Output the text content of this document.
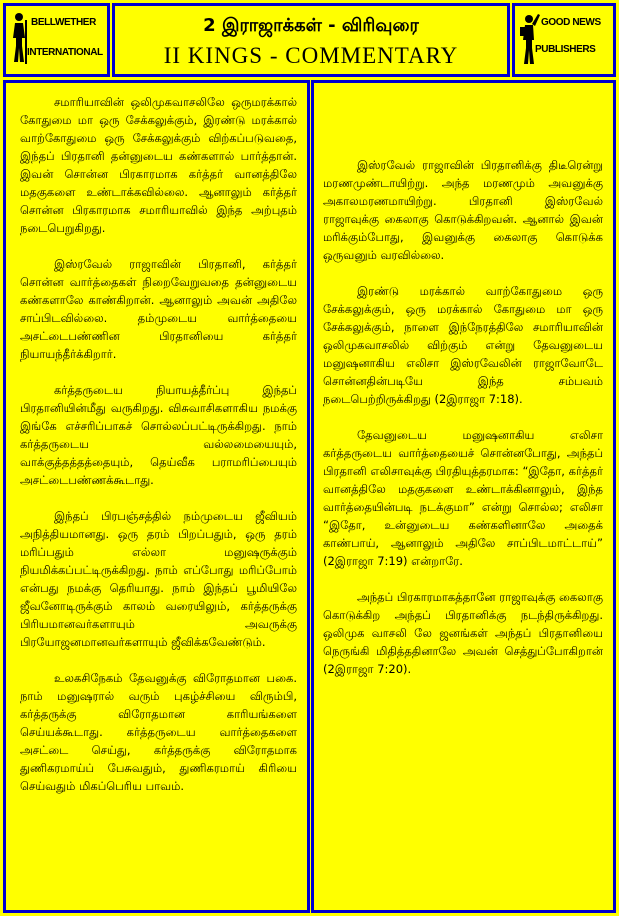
BELLWETHER
INTERNATIONAL
2 இராஜாக்கள் - விரிவுரை
II KINGS - COMMENTARY
GOOD NEWS
PUBLISHERS

சமாரியாவின் ஒலிமுகவாசலிலே ஒருமரக்கால் கோதுமை மா ஒரு சேக்கலுக்கும், இரண்டு மரக்கால் வாற்கோதுமை ஒரு சேக்கலுக்கும் விற்கப்படுவதை, இந்தப் பிரதானி தன்னுடைய கண்களால் பார்த்தான். இவன் சொன்ன பிரகாரமாக கர்த்தர் வானத்திலே மதகுகளை உண்டாக்கவில்லை. ஆனாலும் கர்த்தர் சொன்ன பிரகாரமாக சமாரியாவில் இந்த அற்புதம் நடைபெறுகிறது.

இஸ்ரவேல் ராஜாவின் பிரதானி, கர்த்தர் சொன்ன வார்த்தைகள் நிறைவேறுவதை தன்னுடைய கண்களாலே காண்கிறான். ஆனாலும் அவன் அதிலே சாப்பிடவில்லை. தம்முடைய வார்த்தையை அசட்டைபண்ணின பிரதானியை கர்த்தர் நியாயந்தீர்க்கிறார்.

கர்த்தருடைய நியாயத்தீர்ப்பு இந்தப் பிரதானியின்மீது வருகிறது. விசுவாசிகளாகிய நமக்கு இங்கே எச்சரிப்பாகச் சொல்லப்பட்டிருக்கிறது. நாம் கர்த்தருடைய வல்லமையையும், வாக்குத்தத்தத்தையும், தெய்வீக பராமரிப்பையும் அசட்டைபண்ணக்கூடாது.

இந்தப் பிரபஞ்சத்தில் நம்முடைய ஜீவியம் அநித்தியமானது. ஒரு தரம் பிறப்பதும், ஒரு தரம் மரிப்பதும் எல்லா மனுஷருக்கும் நியமிக்கப்பட்டிருக்கிறது. நாம் எப்போது மரிப்போம் என்பது நமக்கு தெரியாது. நாம் இந்தப் பூமியிலே ஜீவனோடிருக்கும் காலம் வரையிலும், கர்த்தருக்கு பிரியமானவர்களாயும் அவருக்கு பிரயோஜனமானவர்களாயும் ஜீவிக்கவேண்டும்.

உலகசிநேகம் தேவனுக்கு விரோதமான பகை. நாம் மனுஷரால் வரும் புகழ்ச்சியை விரும்பி, கர்த்தருக்கு விரோதமான காரியங்களை செய்யக்கூடாது. கர்த்தருடைய வார்த்தைகளை அசட்டை செய்து, கர்த்தருக்கு விரோதமாக துணிகரமாய்ப் பேசுவதும், துணிகரமாய் கிரியை செய்வதும் மிகப்பெரிய பாவம்.

இஸ்ரவேல் ராஜாவின் பிரதானிக்கு திடீரென்று மரணமுண்டாயிற்று. அந்த மரணமும் அவனுக்கு அகாலமரணமாயிற்று. பிரதானி இஸ்ரவேல் ராஜாவுக்கு கைலாகு கொடுக்கிறவன். ஆனால் இவன் மரிக்கும்போது, இவனுக்கு கைலாகு கொடுக்க ஒருவனும் வரவில்லை.

இரண்டு மரக்கால் வாற்கோதுமை ஒரு சேக்கலுக்கும், ஒரு மரக்கால் கோதுமை மா ஒரு சேக்கலுக்கும், நாளை இந்நேரத்திலே சமாரியாவின் ஒலிமுகவாசலில் விற்கும் என்று தேவனுடைய மனுஷனாகிய எலிசா இஸ்ரவேலின் ராஜாவோடே சொன்னதின்படியே இந்த சம்பவம் நடைபெற்றிருக்கிறது (2இராஜா 7:18).

தேவனுடைய மனுஷனாகிய எலிசா கர்த்தருடைய வார்த்தையைச் சொன்னபோது, அந்தப் பிரதானி எலிசாவுக்கு பிரதியுத்தரமாக: “இதோ, கர்த்தர் வானத்திலே மதகுகளை உண்டாக்கினாலும், இந்த வார்த்தையின்படி நடக்குமா” என்று சொல்ல; எலிசா “இதோ, உன்னுடைய கண்களினாலே அதைக் காண்பாய், ஆனாலும் அதிலே சாப்பிடமாட்டாய்” (2இராஜா 7:19) என்றாரே.

அந்தப் பிரகாரமாகத்தானே ராஜாவுக்கு கைலாகு கொடுக்கிற அந்தப் பிரதானிக்கு நடந்திருக்கிறது. ஒலிமுக வாசலி லே ஜனங்கள் அந்தப் பிரதானியை நெருங்கி மிதித்ததினாலே அவன் செத்துப்போகிறான் (2இராஜா 7:20).
